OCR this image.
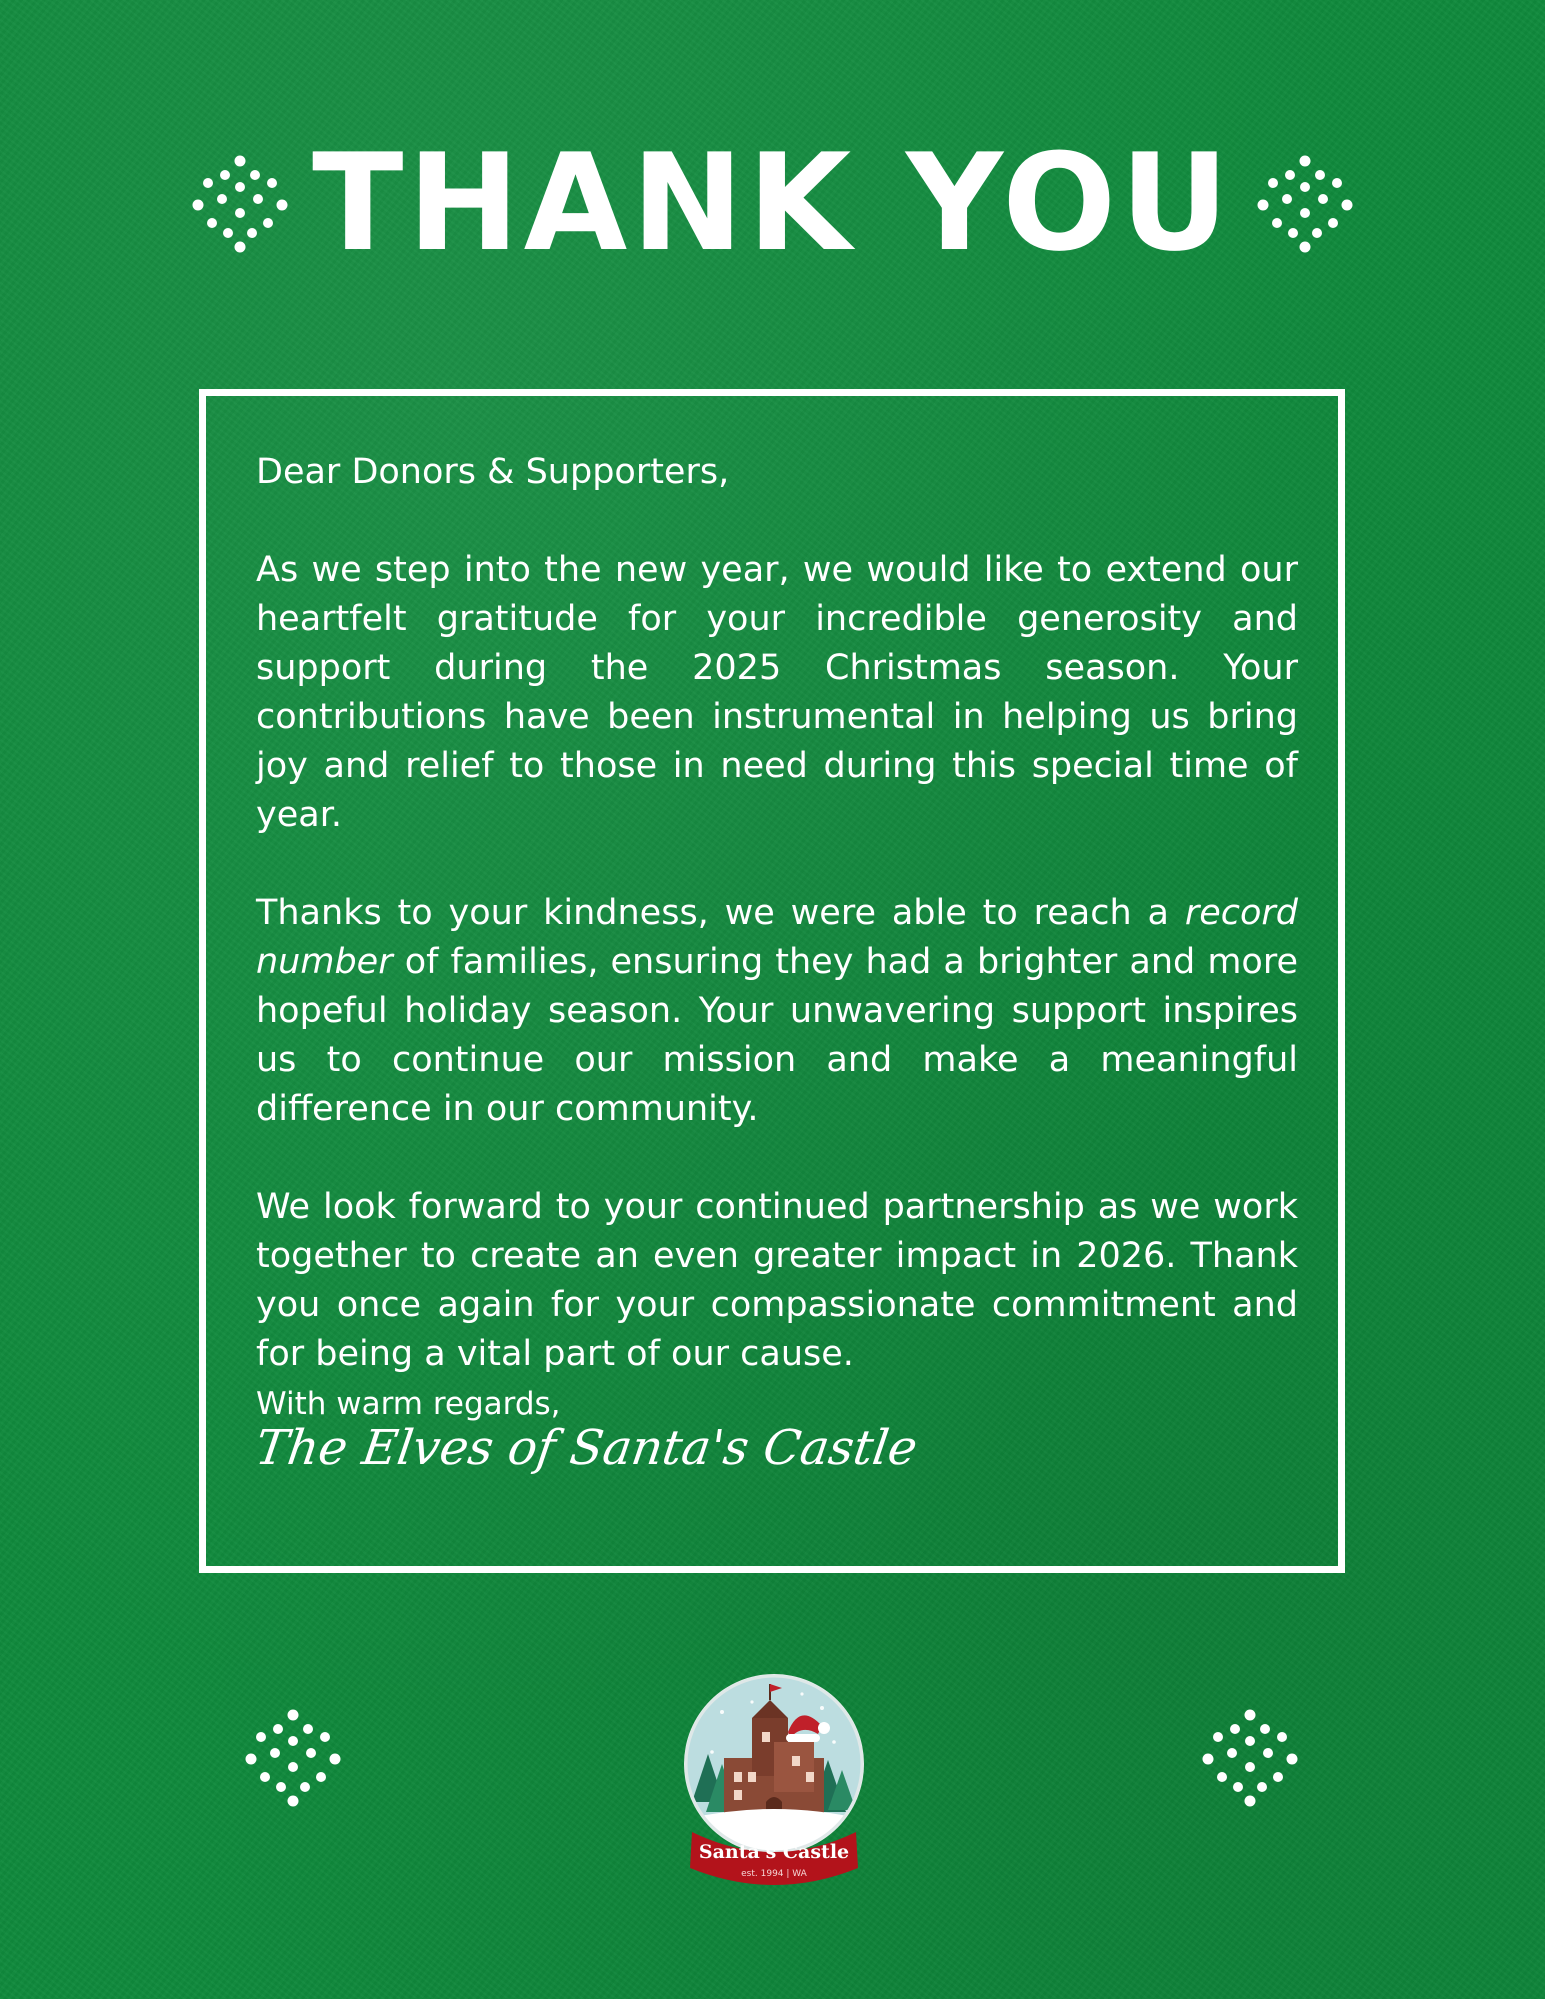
THANK YOU

Dear Donors & Supporters,

As we step into the new year, we would like to extend our heartfelt gratitude for your incredible generosity and support during the 2025 Christmas season. Your contributions have been instrumental in helping us bring joy and relief to those in need during this special time of year.

Thanks to your kindness, we were able to reach a record number of families, ensuring they had a brighter and more hopeful holiday season. Your unwavering support inspires us to continue our mission and make a meaningful difference in our community.

We look forward to your continued partnership as we work together to create an even greater impact in 2026. Thank you once again for your compassionate commitment and for being a vital part of our cause.

With warm regards,

The Elves of Santa's Castle
Santa's Castle
est. 1994 | WA
